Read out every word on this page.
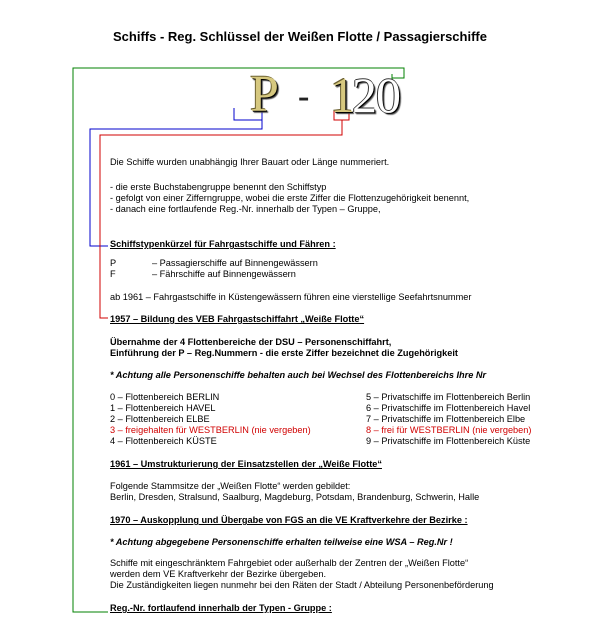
Schiffs - Reg. Schlüssel der Weißen Flotte / Passagierschiffe
P - 1
20
Die Schiffe wurden unabhängig Ihrer Bauart oder Länge nummeriert.
- die erste Buchstabengruppe benennt den Schiffstyp
- gefolgt von einer Zifferngruppe, wobei die erste Ziffer die Flottenzugehörigkeit benennt,
- danach eine fortlaufende Reg.-Nr. innerhalb der Typen – Gruppe,
Schiffstypenkürzel für Fahrgastschiffe und Fähren :
P	– Passagierschiffe auf Binnengewässern
F	– Fährschiffe auf Binnengewässern
ab 1961 – Fahrgastschiffe in Küstengewässern führen eine vierstellige Seefahrtsnummer
1957 – Bildung des VEB Fahrgastschiffahrt „Weiße Flotte“
Übernahme der 4 Flottenbereiche der DSU – Personenschiffahrt,
Einführung der P – Reg.Nummern - die erste Ziffer bezeichnet die Zugehörigkeit
* Achtung alle Personenschiffe behalten auch bei Wechsel des Flottenbereichs Ihre Nr
0 – Flottenbereich BERLIN
1 – Flottenbereich HAVEL
2 – Flottenbereich ELBE
3 – freigehalten für WESTBERLIN (nie vergeben)
4 – Flottenbereich KÜSTE
5 – Privatschiffe im Flottenbereich Berlin
6 – Privatschiffe im Flottenbereich Havel
7 – Privatschiffe im Flottenbereich Elbe
8 – frei für WESTBERLIN (nie vergeben)
9 – Privatschiffe im Flottenbereich Küste
1961 – Umstrukturierung der Einsatzstellen der „Weiße Flotte“
Folgende Stammsitze der „Weißen Flotte“ werden gebildet:
Berlin, Dresden, Stralsund, Saalburg, Magdeburg, Potsdam, Brandenburg, Schwerin, Halle
1970 – Auskopplung und Übergabe von FGS an die VE Kraftverkehre der Bezirke :
* Achtung abgegebene Personenschiffe erhalten teilweise eine WSA – Reg.Nr !
Schiffe mit eingeschränktem Fahrgebiet oder außerhalb der Zentren der „Weißen Flotte“
werden dem VE Kraftverkehr der Bezirke übergeben.
Die Zuständigkeiten liegen nunmehr bei den Räten der Stadt / Abteilung Personenbeförderung
Reg.-Nr. fortlaufend innerhalb der Typen - Gruppe :
